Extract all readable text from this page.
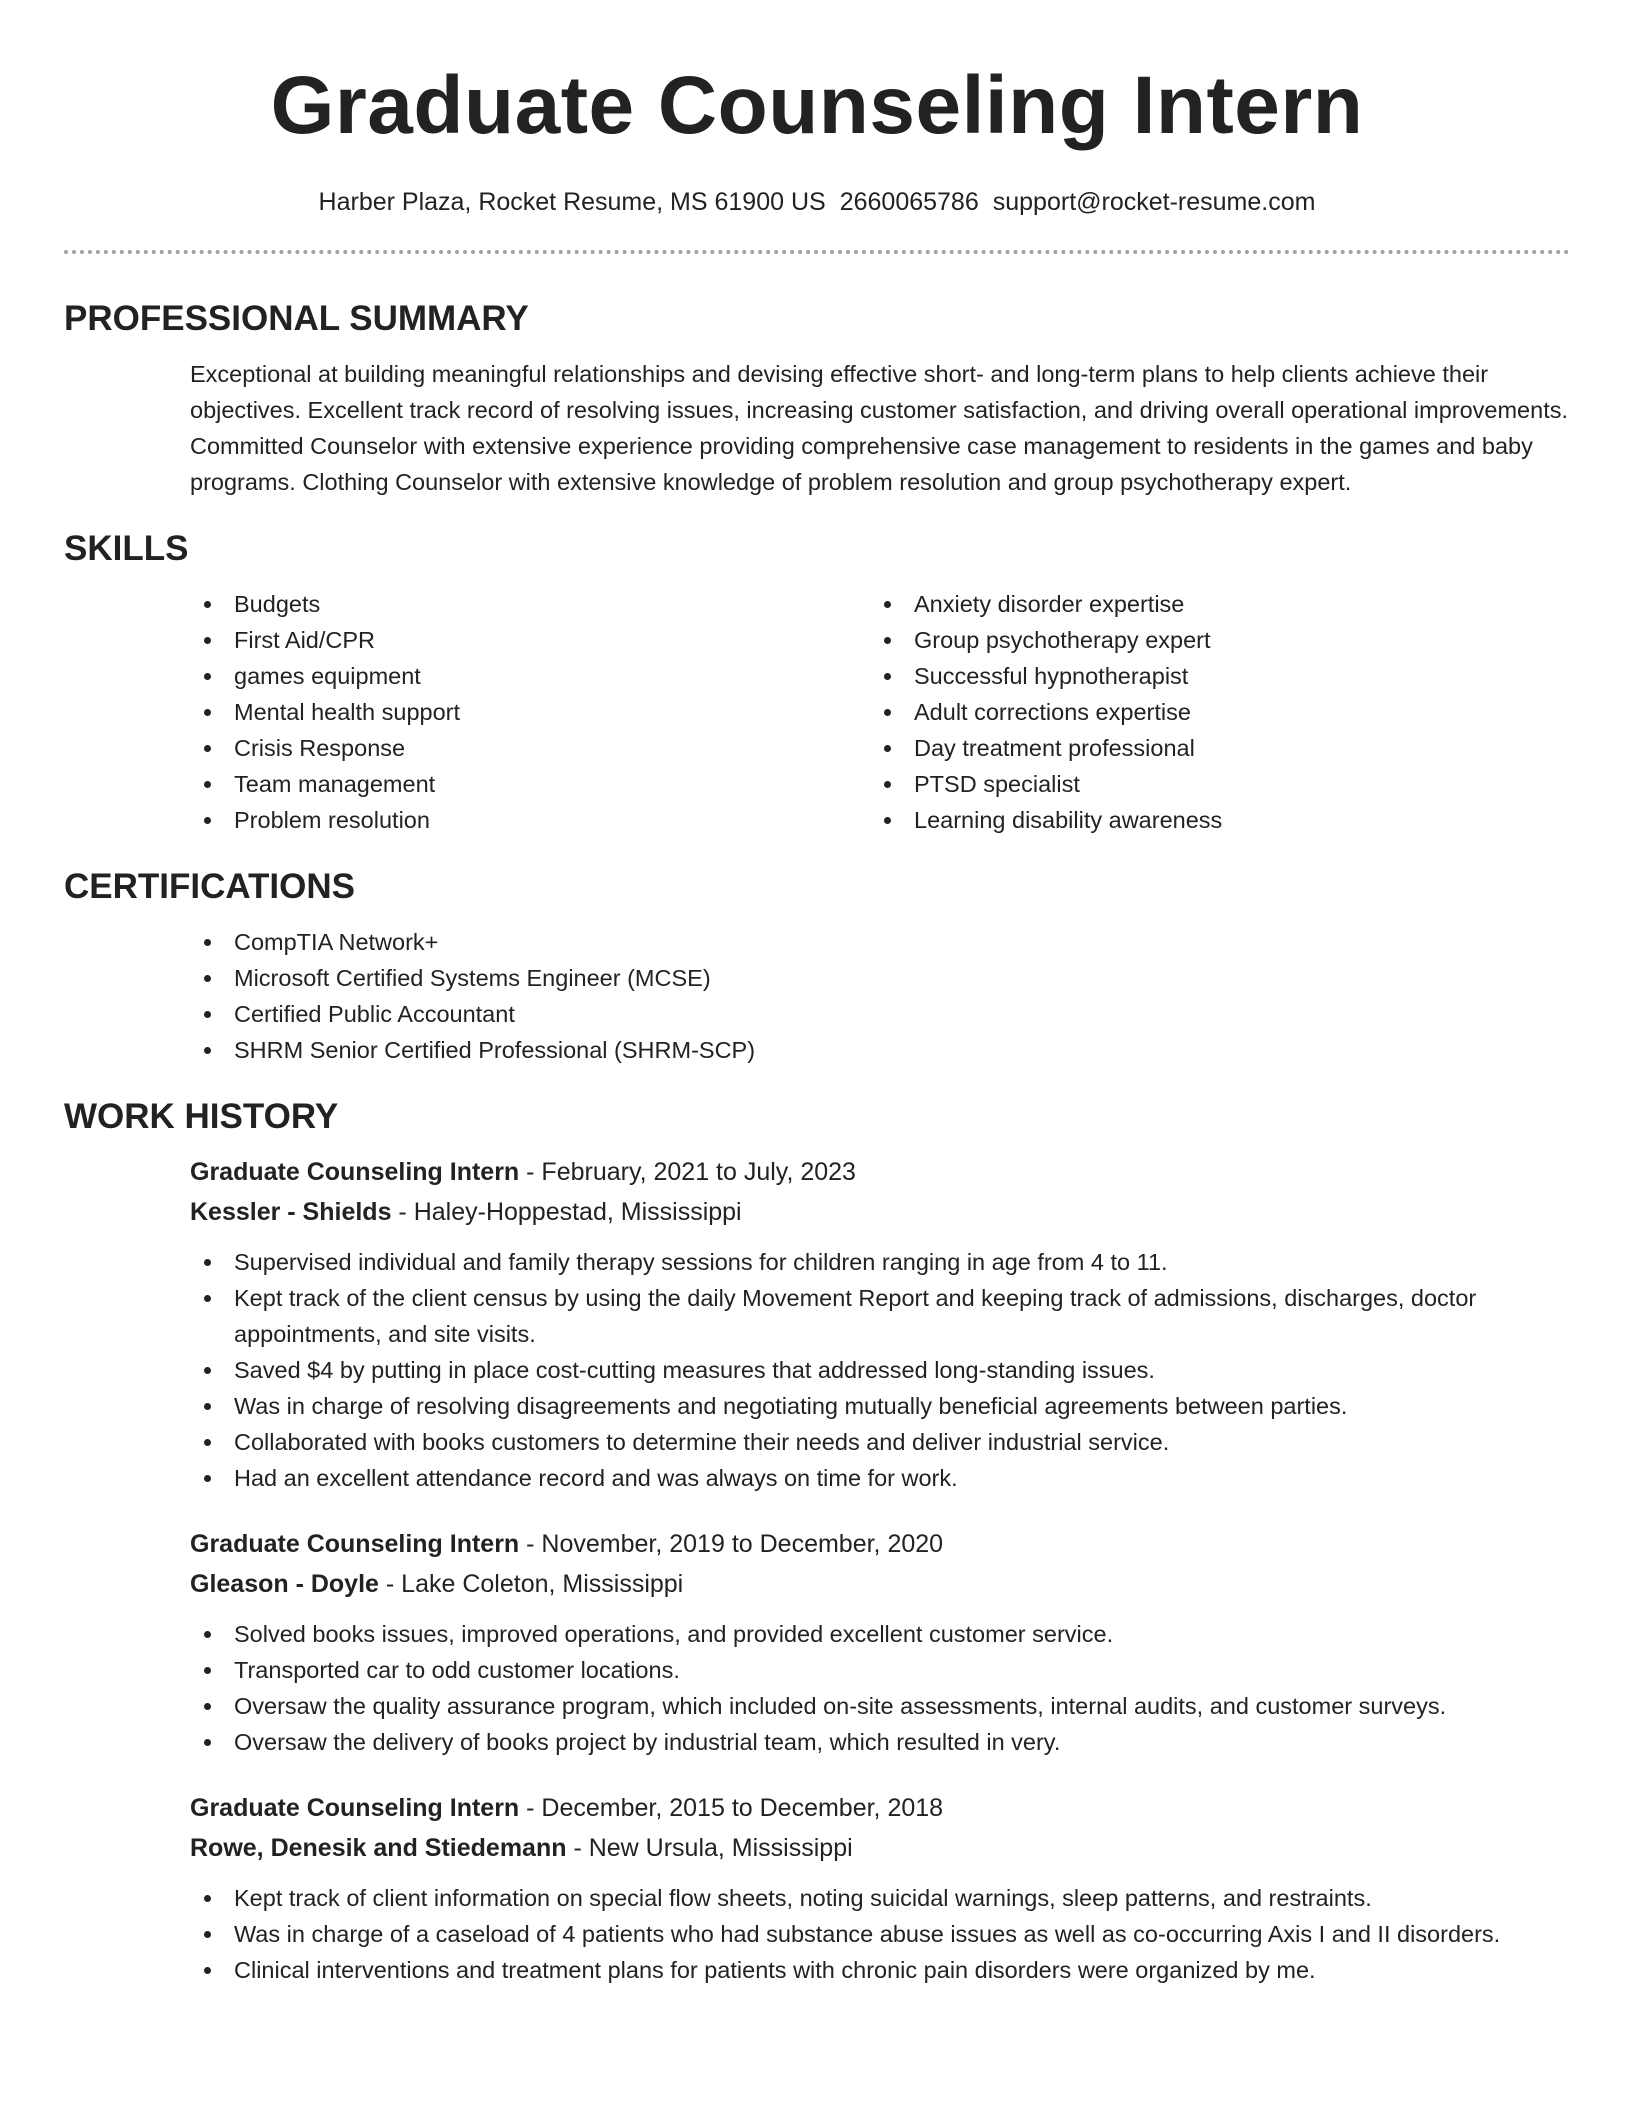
Graduate Counseling Intern
Harber Plaza, Rocket Resume, MS 61900 US 2660065786 support@rocket-resume.com
PROFESSIONAL SUMMARY
Exceptional at building meaningful relationships and devising effective short- and long-term plans to help clients achieve their objectives. Excellent track record of resolving issues, increasing customer satisfaction, and driving overall operational improvements. Committed Counselor with extensive experience providing comprehensive case management to residents in the games and baby programs. Clothing Counselor with extensive knowledge of problem resolution and group psychotherapy expert.
SKILLS
Budgets
First Aid/CPR
games equipment
Mental health support
Crisis Response
Team management
Problem resolution
Anxiety disorder expertise
Group psychotherapy expert
Successful hypnotherapist
Adult corrections expertise
Day treatment professional
PTSD specialist
Learning disability awareness
CERTIFICATIONS
CompTIA Network+
Microsoft Certified Systems Engineer (MCSE)
Certified Public Accountant
SHRM Senior Certified Professional (SHRM-SCP)
WORK HISTORY
Graduate Counseling Intern - February, 2021 to July, 2023
Kessler - Shields - Haley-Hoppestad, Mississippi
Supervised individual and family therapy sessions for children ranging in age from 4 to 11.
Kept track of the client census by using the daily Movement Report and keeping track of admissions, discharges, doctor appointments, and site visits.
Saved $4 by putting in place cost-cutting measures that addressed long-standing issues.
Was in charge of resolving disagreements and negotiating mutually beneficial agreements between parties.
Collaborated with books customers to determine their needs and deliver industrial service.
Had an excellent attendance record and was always on time for work.
Graduate Counseling Intern - November, 2019 to December, 2020
Gleason - Doyle - Lake Coleton, Mississippi
Solved books issues, improved operations, and provided excellent customer service.
Transported car to odd customer locations.
Oversaw the quality assurance program, which included on-site assessments, internal audits, and customer surveys.
Oversaw the delivery of books project by industrial team, which resulted in very.
Graduate Counseling Intern - December, 2015 to December, 2018
Rowe, Denesik and Stiedemann - New Ursula, Mississippi
Kept track of client information on special flow sheets, noting suicidal warnings, sleep patterns, and restraints.
Was in charge of a caseload of 4 patients who had substance abuse issues as well as co-occurring Axis I and II disorders.
Clinical interventions and treatment plans for patients with chronic pain disorders were organized by me.
